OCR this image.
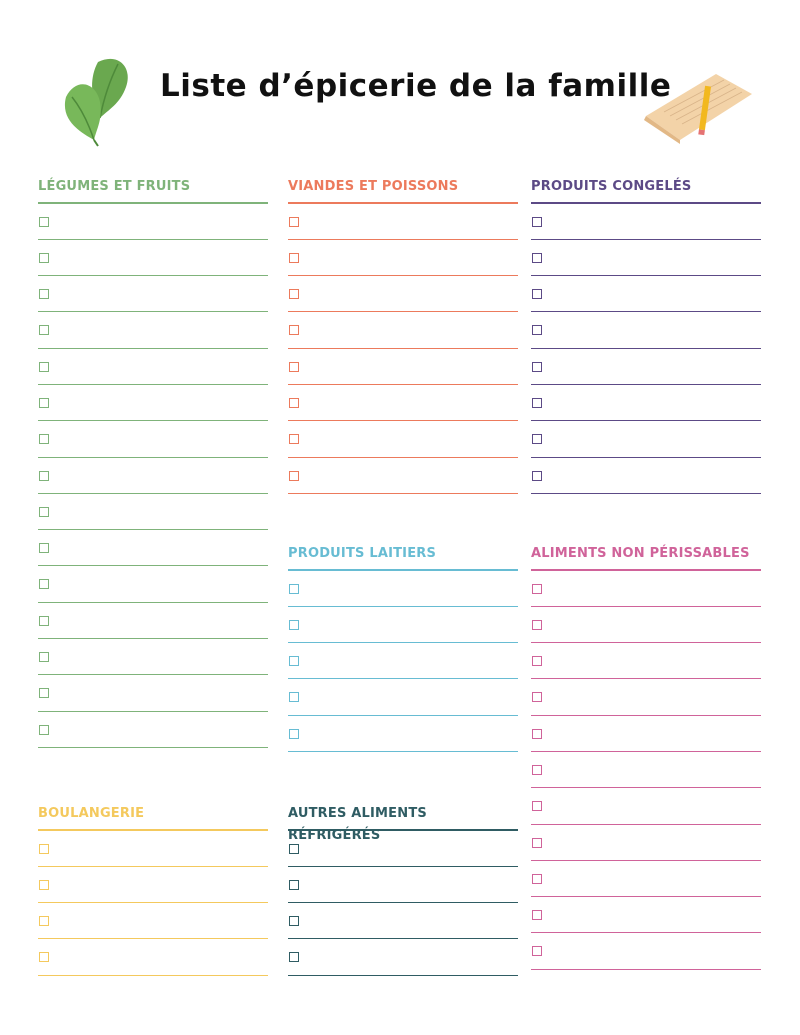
Liste d’épicerie de la famille
LÉGUMES ET FRUITS	VIANDES ET POISSONS	PRODUITS CONGELÉS
PRODUITS LAITIERS	ALIMENTS NON PÉRISSABLES
BOULANGERIE	AUTRES ALIMENTS RÉFRIGÉRÉS
